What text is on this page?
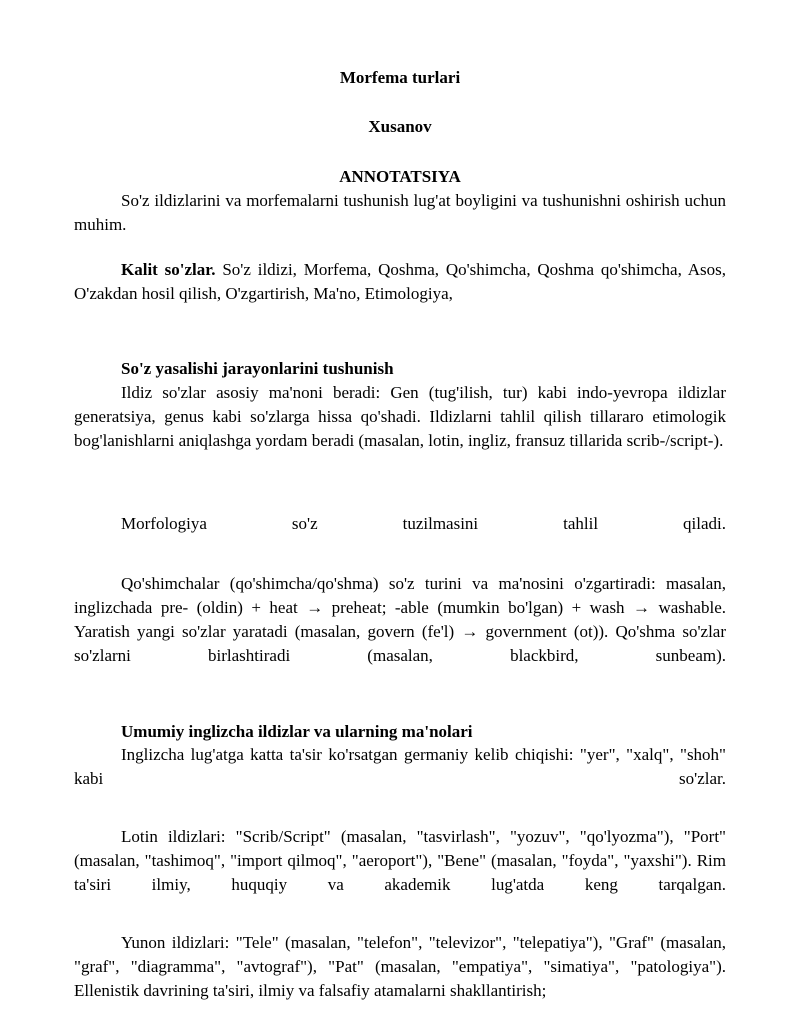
Morfema turlari
Xusanov
ANNOTATSIYA

So'z ildizlarini va morfemalarni tushunish lug'at boyligini va tushunishni oshirish uchun muhim.

Kalit so'zlar. So'z ildizi, Morfema, Qoshma, Qo'shimcha, Qoshma qo'shimcha, Asos, O'zakdan hosil qilish, O'zgartirish, Ma'no, Etimologiya,

So'z yasalishi jarayonlarini tushunish

Ildiz so'zlar asosiy ma'noni beradi: Gen (tug'ilish, tur) kabi indo-yevropa ildizlar generatsiya, genus kabi so'zlarga hissa qo'shadi. Ildizlarni tahlil qilish tillararo etimologik bog'lanishlarni aniqlashga yordam beradi (masalan, lotin, ingliz, fransuz tillarida scrib-/script-).

Morfologiya so'z tuzilmasini tahlil qiladi.

Qo'shimchalar (qo'shimcha/qo'shma) so'z turini va ma'nosini o'zgartiradi: masalan, inglizchada pre- (oldin) + heat → preheat; -able (mumkin bo'lgan) + wash → washable. Yaratish yangi so'zlar yaratadi (masalan, govern (fe'l) → government (ot)). Qo'shma so'zlar so'zlarni birlashtiradi (masalan, blackbird, sunbeam).

Umumiy inglizcha ildizlar va ularning ma'nolari

Inglizcha lug'atga katta ta'sir ko'rsatgan germaniy kelib chiqishi: "yer", "xalq", "shoh" kabi so'zlar.

Lotin ildizlari: "Scrib/Script" (masalan, "tasvirlash", "yozuv", "qo'lyozma"), "Port" (masalan, "tashimoq", "import qilmoq", "aeroport"), "Bene" (masalan, "foyda", "yaxshi"). Rim ta'siri ilmiy, huquqiy va akademik lug'atda keng tarqalgan.

Yunon ildizlari: "Tele" (masalan, "telefon", "televizor", "telepatiya"), "Graf" (masalan, "graf", "diagramma", "avtograf"), "Pat" (masalan, "empatiya", "simatiya", "patologiya"). Ellenistik davrining ta'siri, ilmiy va falsafiy atamalarni shakllantirish;
